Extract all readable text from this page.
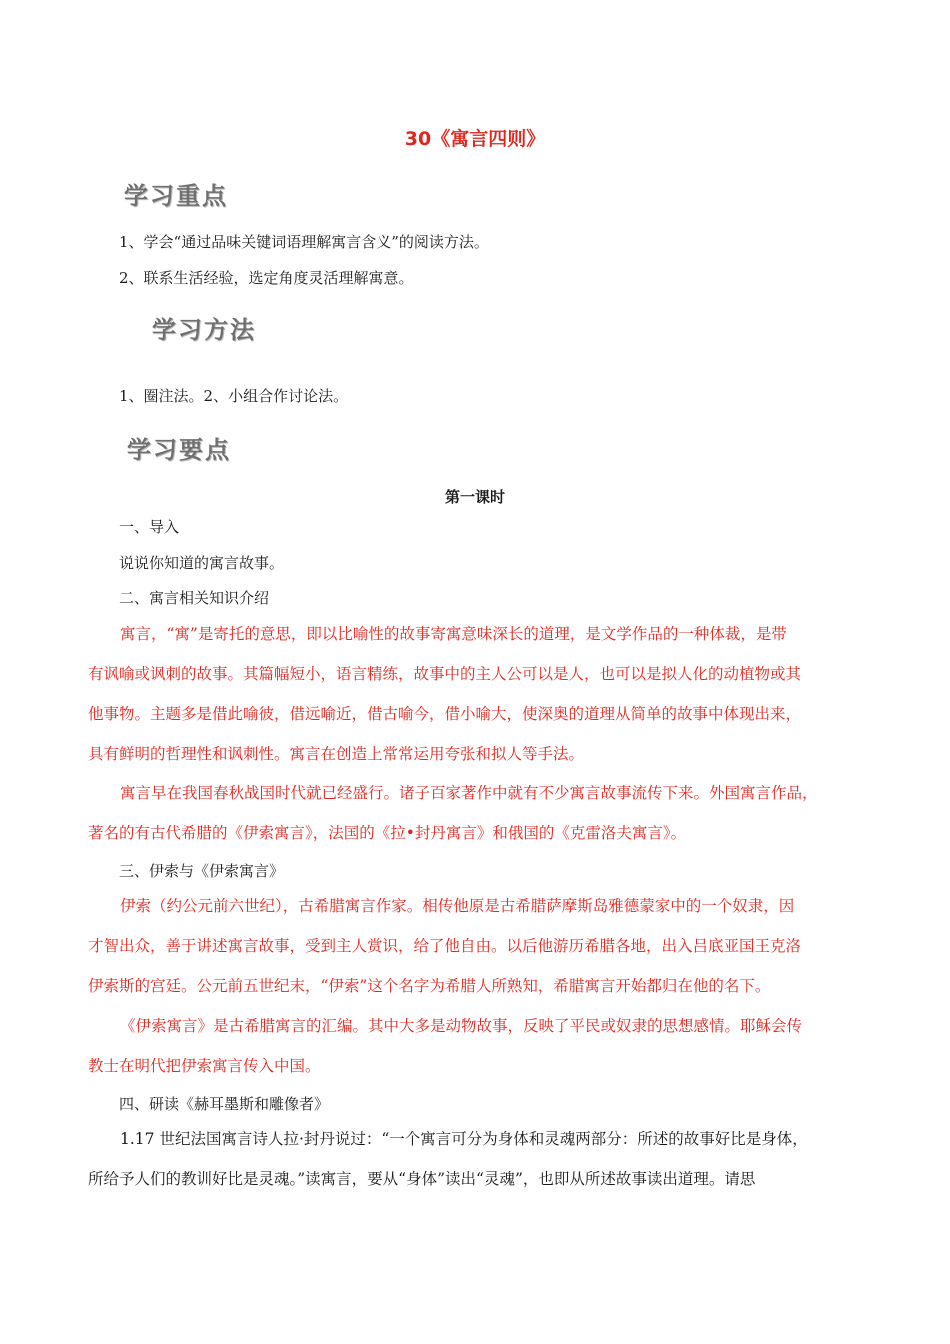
30《寓言四则》
学习重点
1、学会“通过品味关键词语理解寓言含义”的阅读方法。
2、联系生活经验，选定角度灵活理解寓意。
学习方法
1、圈注法。2、小组合作讨论法。
学习要点
第一课时
一、导入
说说你知道的寓言故事。
二、寓言相关知识介绍
寓言，“寓”是寄托的意思，即以比喻性的故事寄寓意味深长的道理，是文学作品的一种体裁，是带
有讽喻或讽刺的故事。其篇幅短小，语言精练，故事中的主人公可以是人，也可以是拟人化的动植物或其
他事物。主题多是借此喻彼，借远喻近，借古喻今，借小喻大，使深奥的道理从简单的故事中体现出来，
具有鲜明的哲理性和讽刺性。寓言在创造上常常运用夸张和拟人等手法。
寓言早在我国春秋战国时代就已经盛行。诸子百家著作中就有不少寓言故事流传下来。外国寓言作品，
著名的有古代希腊的《伊索寓言》，法国的《拉•封丹寓言》和俄国的《克雷洛夫寓言》。
三、伊索与《伊索寓言》
伊索（约公元前六世纪），古希腊寓言作家。相传他原是古希腊萨摩斯岛雅德蒙家中的一个奴隶，因
才智出众，善于讲述寓言故事，受到主人赏识，给了他自由。以后他游历希腊各地，出入吕底亚国王克洛
伊索斯的宫廷。公元前五世纪末，“伊索”这个名字为希腊人所熟知，希腊寓言开始都归在他的名下。
《伊索寓言》是古希腊寓言的汇编。其中大多是动物故事，反映了平民或奴隶的思想感情。耶稣会传
教士在明代把伊索寓言传入中国。
四、研读《赫耳墨斯和雕像者》
1.17 世纪法国寓言诗人拉·封丹说过：“一个寓言可分为身体和灵魂两部分：所述的故事好比是身体，
所给予人们的教训好比是灵魂。”读寓言，要从“身体”读出“灵魂”，也即从所述故事读出道理。请思
